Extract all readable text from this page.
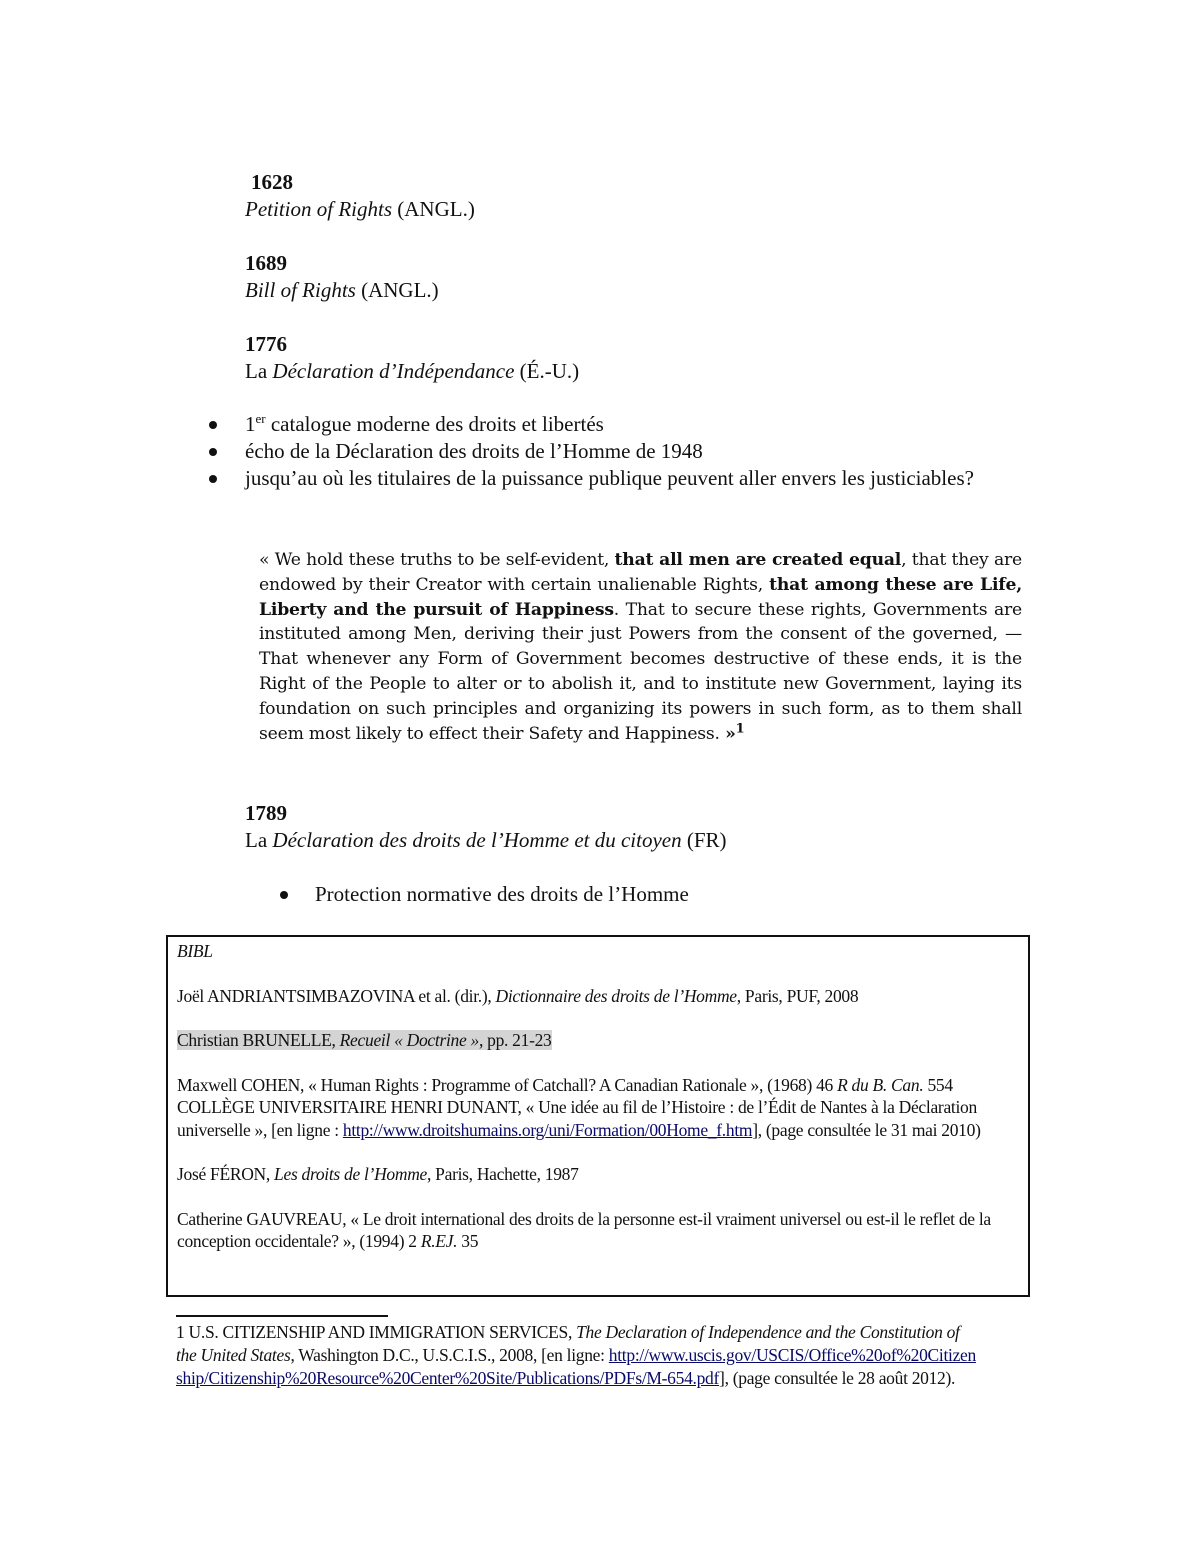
1628
Petition of Rights (ANGL.)
1689
Bill of Rights (ANGL.)
1776
La Déclaration d’Indépendance (É.-U.)
1er catalogue moderne des droits et libertés
écho de la Déclaration des droits de l’Homme de 1948
jusqu’au où les titulaires de la puissance publique peuvent aller envers les justiciables?
« We hold these truths to be self-evident, that all men are created equal, that they are endowed by their Creator with certain unalienable Rights, that among these are Life, Liberty and the pursuit of Happiness. That to secure these rights, Governments are instituted among Men, deriving their just Powers from the consent of the governed, — That whenever any Form of Government becomes destructive of these ends, it is the Right of the People to alter or to abolish it, and to institute new Government, laying its foundation on such principles and organizing its powers in such form, as to them shall seem most likely to effect their Safety and Happiness. »$^1$
1789
La Déclaration des droits de l’Homme et du citoyen (FR)
Protection normative des droits de l’Homme

BIBL

Joël ANDRIANTSIMBAZOVINA et al. (dir.), Dictionnaire des droits de l’Homme, Paris, PUF, 2008

Christian BRUNELLE, Recueil « Doctrine », pp. 21-23

Maxwell COHEN, « Human Rights : Programme of Catchall? A Canadian Rationale », (1968) 46 R du B. Can. 554

COLLÈGE UNIVERSITAIRE HENRI DUNANT, « Une idée au fil de l’Histoire : de l’Édit de Nantes à la Déclaration universelle », [en ligne : http://www.droitshumains.org/uni/Formation/00Home_f.htm], (page consultée le 31 mai 2010)

José FÉRON, Les droits de l’Homme, Paris, Hachette, 1987

Catherine GAUVREAU, « Le droit international des droits de la personne est-il vraiment universel ou est-il le reflet de la conception occidentale? », (1994) 2 R.EJ. 35

1 U.S. CITIZENSHIP AND IMMIGRATION SERVICES, The Declaration of Independence and the Constitution of the United States, Washington D.C., U.S.C.I.S., 2008, [en ligne: http://www.uscis.gov/USCIS/Office%20of%20Citizenship/Citizenship%20Resource%20Center%20Site/Publications/PDFs/M-654.pdf], (page consultée le 28 août 2012).
